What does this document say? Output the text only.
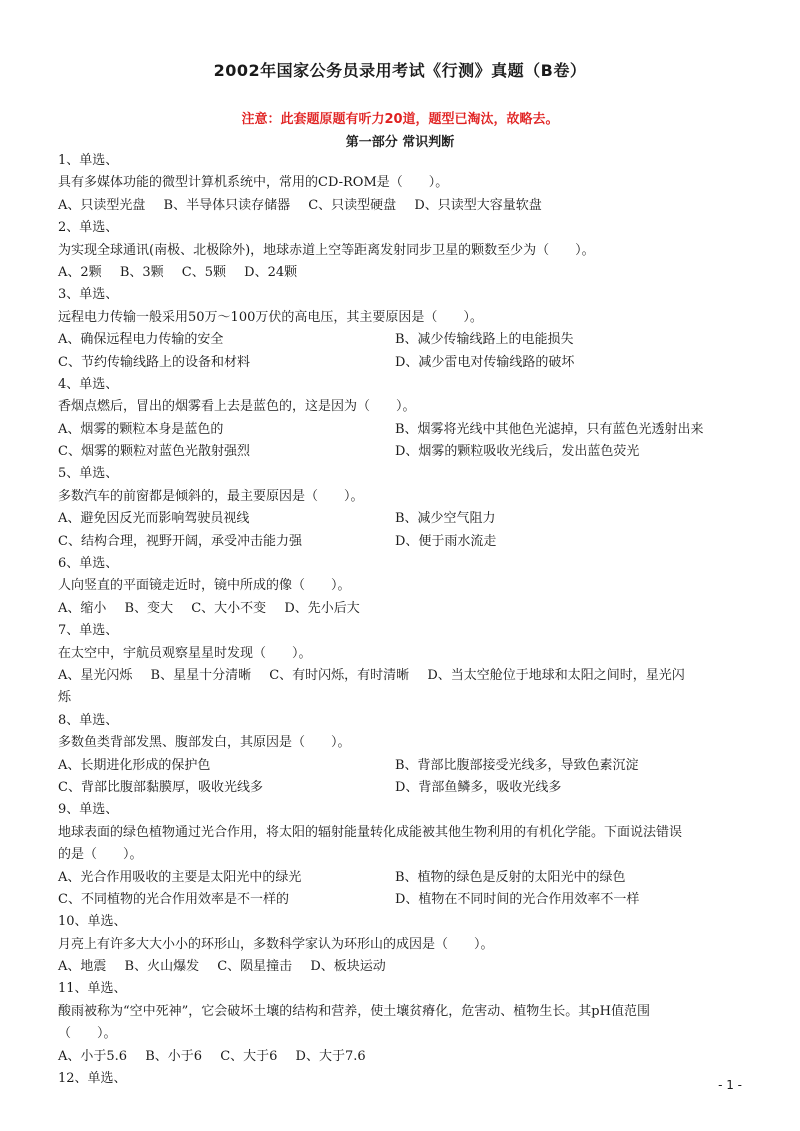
2002年国家公务员录用考试《行测》真题（B卷）
注意：此套题原题有听力20道，题型已淘汰，故略去。
第一部分 常识判断
1、单选、
具有多媒体功能的微型计算机系统中，常用的CD-ROM是（　　）。
A、只读型光盘 B、半导体只读存储器 C、只读型硬盘 D、只读型大容量软盘
2、单选、
为实现全球通讯(南极、北极除外)，地球赤道上空等距离发射同步卫星的颗数至少为（　　）。
A、2颗 B、3颗 C、5颗 D、24颗
3、单选、
远程电力传输一般采用50万～100万伏的高电压，其主要原因是（　　）。
A、确保远程电力传输的安全	B、减少传输线路上的电能损失
C、节约传输线路上的设备和材料	D、减少雷电对传输线路的破坏
4、单选、
香烟点燃后，冒出的烟雾看上去是蓝色的，这是因为（　　）。
A、烟雾的颗粒本身是蓝色的	B、烟雾将光线中其他色光滤掉，只有蓝色光透射出来
C、烟雾的颗粒对蓝色光散射强烈	D、烟雾的颗粒吸收光线后，发出蓝色荧光
5、单选、
多数汽车的前窗都是倾斜的，最主要原因是（　　）。
A、避免因反光而影响驾驶员视线	B、减少空气阻力
C、结构合理，视野开阔，承受冲击能力强	D、便于雨水流走
6、单选、
人向竖直的平面镜走近时，镜中所成的像（　　）。
A、缩小 B、变大 C、大小不变 D、先小后大
7、单选、
在太空中，宇航员观察星星时发现（　　）。
A、星光闪烁 B、星星十分清晰 C、有时闪烁，有时清晰 D、当太空舱位于地球和太阳之间时，星光闪
烁
8、单选、
多数鱼类背部发黑、腹部发白，其原因是（　　）。
A、长期进化形成的保护色	B、背部比腹部接受光线多，导致色素沉淀
C、背部比腹部黏膜厚，吸收光线多	D、背部鱼鳞多，吸收光线多
9、单选、
地球表面的绿色植物通过光合作用，将太阳的辐射能量转化成能被其他生物利用的有机化学能。下面说法错误
的是（　　）。
A、光合作用吸收的主要是太阳光中的绿光	B、植物的绿色是反射的太阳光中的绿色
C、不同植物的光合作用效率是不一样的	D、植物在不同时间的光合作用效率不一样
10、单选、
月亮上有许多大大小小的环形山，多数科学家认为环形山的成因是（　　）。
A、地震 B、火山爆发 C、陨星撞击 D、板块运动
11、单选、
酸雨被称为“空中死神”，它会破坏土壤的结构和营养，使土壤贫瘠化，危害动、植物生长。其pH值范围
（　　）。
A、小于5.6 B、小于6 C、大于6 D、大于7.6
12、单选、	- 1 -
